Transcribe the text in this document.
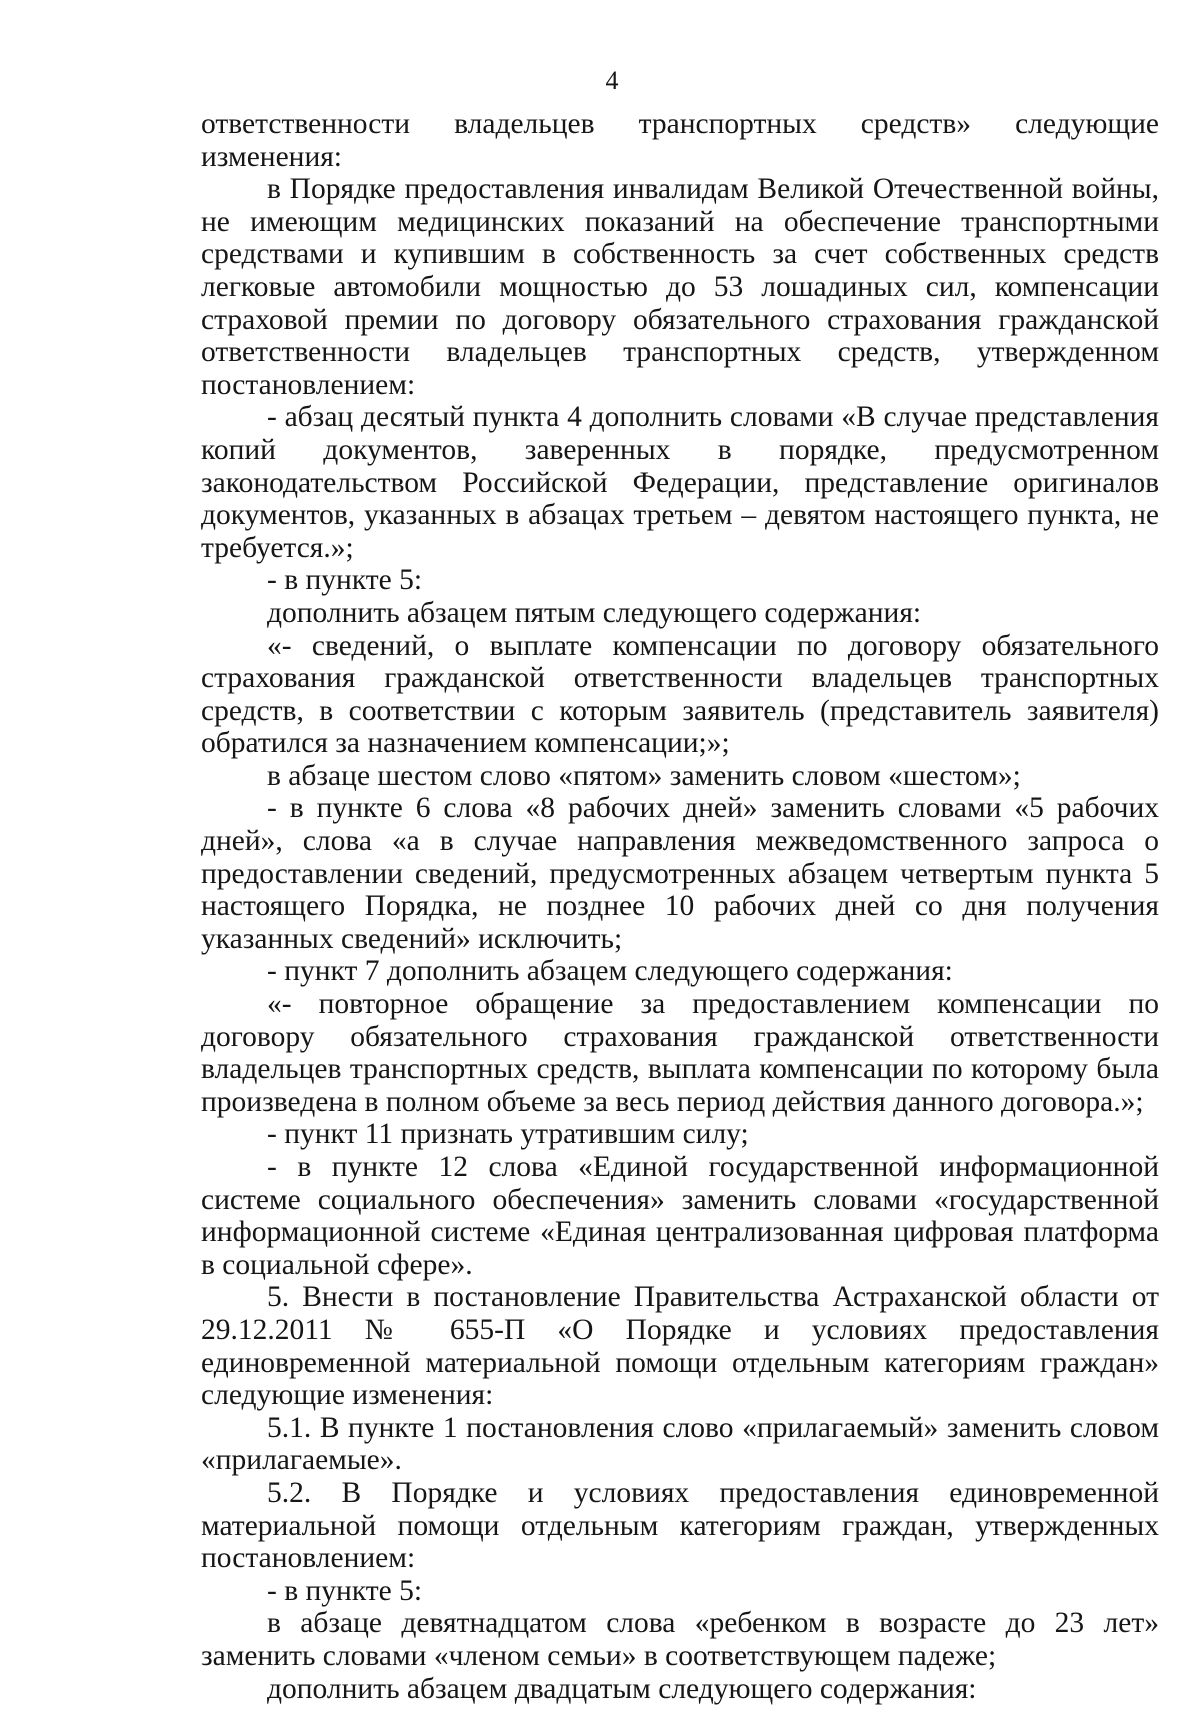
4

ответственности владельцев транспортных средств» следующие изменения:

в Порядке предоставления инвалидам Великой Отечественной войны, не имеющим медицинских показаний на обеспечение транспортными средствами и купившим в собственность за счет собственных средств легковые автомобили мощностью до 53 лошадиных сил, компенсации страховой премии по договору обязательного страхования гражданской ответственности владельцев транспортных средств, утвержденном постановлением:

- абзац десятый пункта 4 дополнить словами «В случае представления копий документов, заверенных в порядке, предусмотренном законодательством Российской Федерации, представление оригиналов документов, указанных в абзацах третьем – девятом настоящего пункта, не требуется.»;

- в пункте 5:

дополнить абзацем пятым следующего содержания:

«- сведений, о выплате компенсации по договору обязательного страхования гражданской ответственности владельцев транспортных средств, в соответствии с которым заявитель (представитель заявителя) обратился за назначением компенсации;»;

в абзаце шестом слово «пятом» заменить словом «шестом»;

- в пункте 6 слова «8 рабочих дней» заменить словами «5 рабочих дней», слова «а в случае направления межведомственного запроса о предоставлении сведений, предусмотренных абзацем четвертым пункта 5 настоящего Порядка, не позднее 10 рабочих дней со дня получения указанных сведений» исключить;

- пункт 7 дополнить абзацем следующего содержания:

«- повторное обращение за предоставлением компенсации по договору обязательного страхования гражданской ответственности владельцев транспортных средств, выплата компенсации по которому была произведена в полном объеме за весь период действия данного договора.»;

- пункт 11 признать утратившим силу;

- в пункте 12 слова «Единой государственной информационной системе социального обеспечения» заменить словами «государственной информационной системе «Единая централизованная цифровая платформа в социальной сфере».

5. Внести в постановление Правительства Астраханской области от 29.12.2011 № 655-П «О Порядке и условиях предоставления единовременной материальной помощи отдельным категориям граждан» следующие изменения:

5.1. В пункте 1 постановления слово «прилагаемый» заменить словом «прилагаемые».

5.2. В Порядке и условиях предоставления единовременной материальной помощи отдельным категориям граждан, утвержденных постановлением:

- в пункте 5:

в абзаце девятнадцатом слова «ребенком в возрасте до 23 лет» заменить словами «членом семьи» в соответствующем падеже;

дополнить абзацем двадцатым следующего содержания:
